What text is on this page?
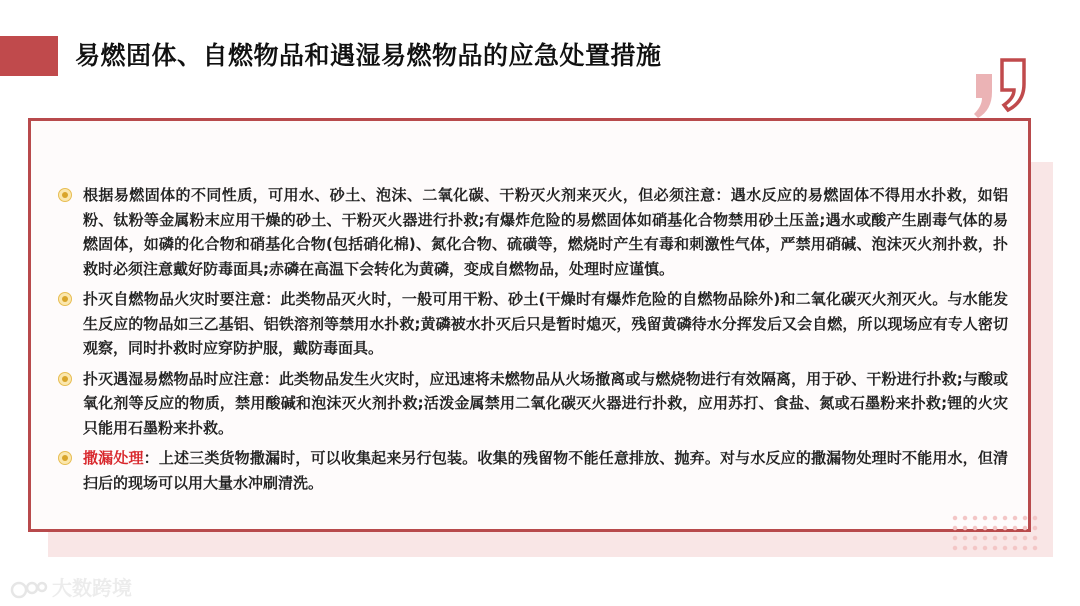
易燃固体、自燃物品和遇湿易燃物品的应急处置措施
根据易燃固体的不同性质，可用水、砂土、泡沫、二氧化碳、干粉灭火剂来灭火，但必须注意：遇水反应的易燃固体不得用水扑救，如铝粉、钛粉等金属粉末应用干燥的砂土、干粉灭火器进行扑救;有爆炸危险的易燃固体如硝基化合物禁用砂土压盖;遇水或酸产生剧毒气体的易燃固体，如磷的化合物和硝基化合物(包括硝化棉)、氮化合物、硫磺等，燃烧时产生有毒和刺激性气体，严禁用硝碱、泡沫灭火剂扑救，扑救时必须注意戴好防毒面具;赤磷在高温下会转化为黄磷，变成自燃物品，处理时应谨慎。
扑灭自燃物品火灾时要注意：此类物品灭火时，一般可用干粉、砂土(干燥时有爆炸危险的自燃物品除外)和二氧化碳灭火剂灭火。与水能发生反应的物品如三乙基铝、铝铁溶剂等禁用水扑救;黄磷被水扑灭后只是暂时熄灭，残留黄磷待水分挥发后又会自燃，所以现场应有专人密切观察，同时扑救时应穿防护服，戴防毒面具。
扑灭遇湿易燃物品时应注意：此类物品发生火灾时，应迅速将未燃物品从火场撤离或与燃烧物进行有效隔离，用于砂、干粉进行扑救;与酸或氧化剂等反应的物质，禁用酸碱和泡沫灭火剂扑救;活泼金属禁用二氧化碳灭火器进行扑救，应用苏打、食盐、氮或石墨粉来扑救;锂的火灾只能用石墨粉来扑救。
撒漏处理：上述三类货物撒漏时，可以收集起来另行包装。收集的残留物不能任意排放、抛弃。对与水反应的撒漏物处理时不能用水，但清扫后的现场可以用大量水冲刷清洗。
大数跨境
